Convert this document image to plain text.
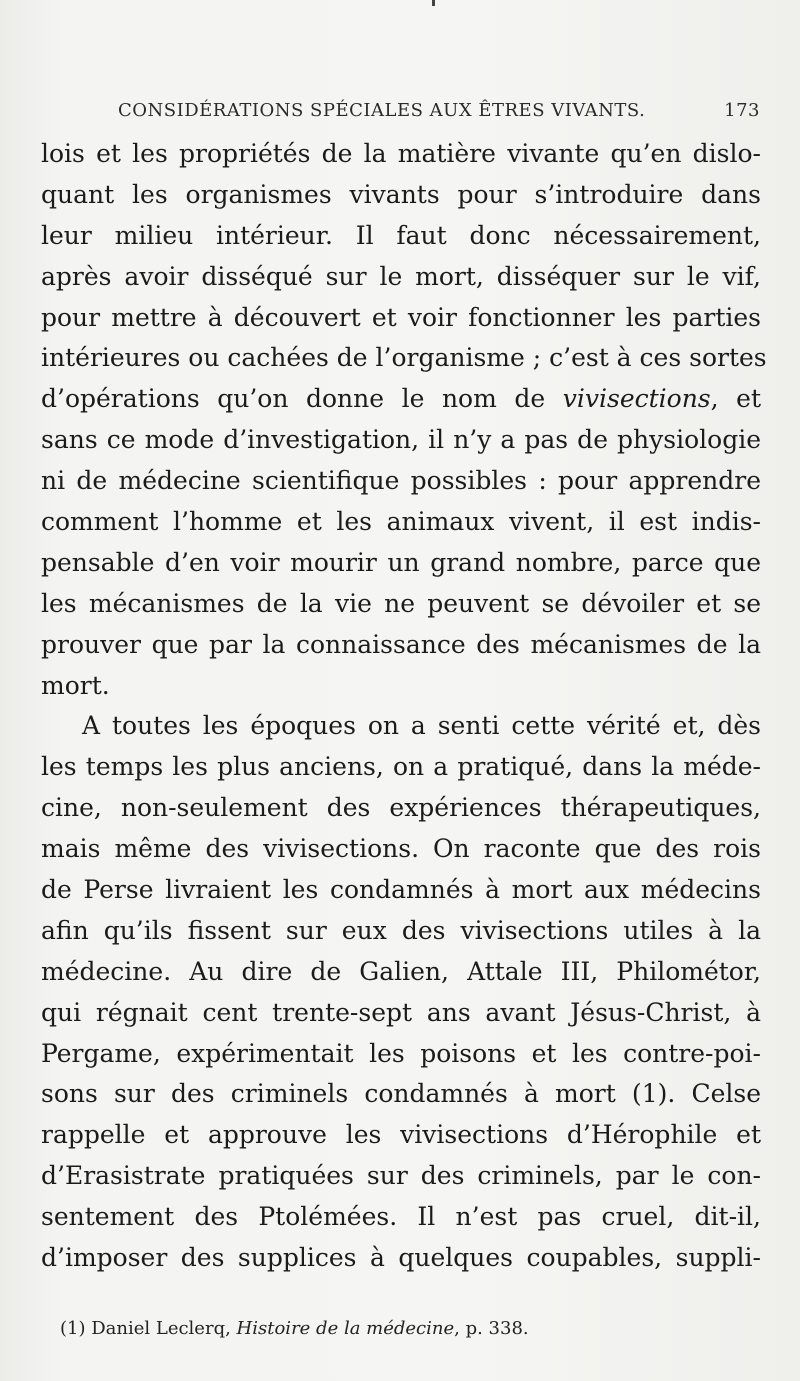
CONSIDÉRATIONS SPÉCIALES AUX ÊTRES VIVANTS.	173
lois et les propriétés de la matière vivante qu’en dislo-
quant les organismes vivants pour s’introduire dans
leur milieu intérieur. Il faut donc nécessairement,
après avoir disséqué sur le mort, disséquer sur le vif,
pour mettre à découvert et voir fonctionner les parties
intérieures ou cachées de l’organisme ; c’est à ces sortes
d’opérations qu’on donne le nom de vivisections, et
sans ce mode d’investigation, il n’y a pas de physiologie
ni de médecine scientifique possibles : pour apprendre
comment l’homme et les animaux vivent, il est indis-
pensable d’en voir mourir un grand nombre, parce que
les mécanismes de la vie ne peuvent se dévoiler et se
prouver que par la connaissance des mécanismes de la
mort.
A toutes les époques on a senti cette vérité et, dès
les temps les plus anciens, on a pratiqué, dans la méde-
cine, non-seulement des expériences thérapeutiques,
mais même des vivisections. On raconte que des rois
de Perse livraient les condamnés à mort aux médecins
afin qu’ils fissent sur eux des vivisections utiles à la
médecine. Au dire de Galien, Attale III, Philométor,
qui régnait cent trente-sept ans avant Jésus-Christ, à
Pergame, expérimentait les poisons et les contre-poi-
sons sur des criminels condamnés à mort (1). Celse
rappelle et approuve les vivisections d’Hérophile et
d’Erasistrate pratiquées sur des criminels, par le con-
sentement des Ptolémées. Il n’est pas cruel, dit-il,
d’imposer des supplices à quelques coupables, suppli-
(1) Daniel Leclerq, Histoire de la médecine, p. 338.
